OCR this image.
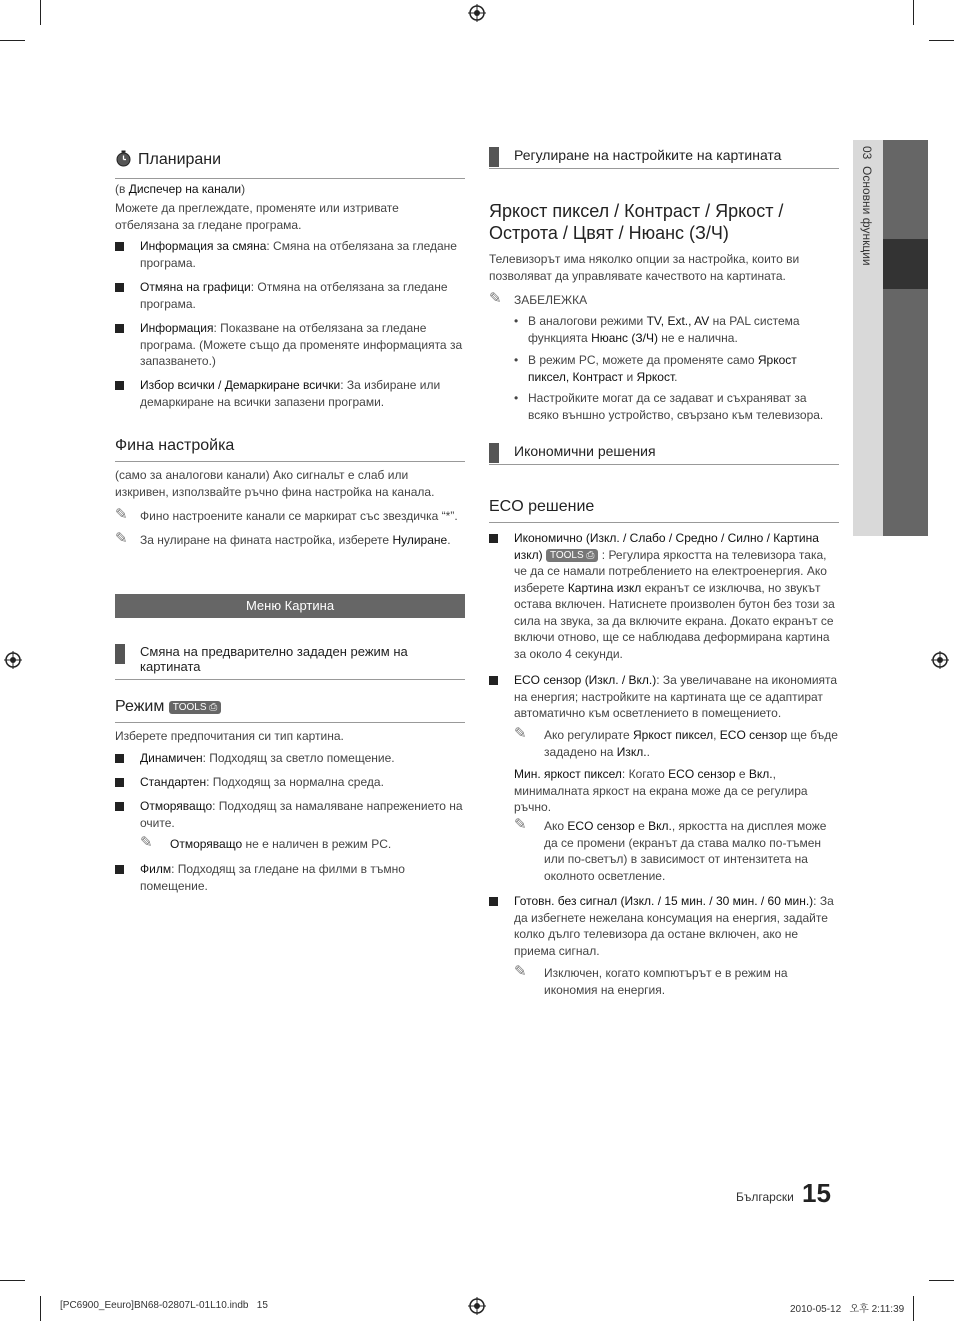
Планирани
(в Диспечер на канали)
Можете да преглеждате, променяте или изтривате отбелязана за гледане програма.
Информация за смяна: Смяна на отбелязана за гледане програма.
Отмяна на графици: Отмяна на отбелязана за гледане програма.
Информация: Показване на отбелязана за гледане програма. (Можете също да променяте информацията за запазването.)
Избор всички / Демаркиране всички: За избиране или демаркиране на всички запазени програми.
Фина настройка
(само за аналогови канали) Ако сигнальт е слаб или изкривен, използвайте ръчно фина настройка на канала.
✎ Фино настроените канали се маркират със звездичка “*”.
✎ За нулиране на фината настройка, изберете Нулиране.
Меню Картина
Смяна на предварително зададен режим на картината
Режим TOOLS ⎙
Изберете предпочитания си тип картина.
Динамичен: Подходящ за светло помещение.
Стандартен: Подходящ за нормална среда.
Отморяващо: Подходящ за намаляване напрежението на очите.
✎ Отморяващо не е наличен в режим PC.
Филм: Подходящ за гледане на филми в тъмно помещение.
Регулиране на настройките на картината
Яркост пиксел / Контраст / Яркост / Острота / Цвят / Нюанс (З/Ч)
Телевизорът има няколко опции за настройка, които ви позволяват да управлявате качеството на картината.
✎ ЗАБЕЛЕЖКА
• В аналогови режими TV, Ext., AV на PAL система функцията Нюанс (З/Ч) не е налична.
• В режим PC, можете да променяте само Яркост пиксел, Контраст и Яркост.
• Настройките могат да се задават и съхраняват за всяко външно устройство, свързано към телевизора.
Икономични решения
ECO решение
Икономично (Изкл. / Слабо / Средно / Силно / Картина изкл) TOOLS ⎙ : Регулира яркостта на телевизора така, че да се намали потреблението на електроенергия. Ако изберете Картина изкл екранът се изключва, но звукът остава включен. Натиснете произволен бутон без този за сила на звука, за да включите екрана. Докато екранът се включи отново, ще се наблюдава деформирана картина за около 4 секунди.
ECO сензор (Изкл. / Вкл.): За увеличаване на икономията на енергия; настройките на картината ще се адаптират автоматично към осветлението в помещението.
✎ Ако регулирате Яркост пиксел, ECO сензор ще бъде зададено на Изкл..
Мин. яркост пиксел: Когато ECO сензор е Вкл., минималната яркост на екрана може да се регулира ръчно.
✎ Ако ECO сензор е Вкл., яркостта на дисплея може да се промени (екранът да става малко по-тъмен или по-светъл) в зависимост от интензитета на околното осветление.
Готовн. без сигнал (Изкл. / 15 мин. / 30 мин. / 60 мин.): За да избегнете нежелана консумация на енергия, задайте колко дълго телевизора да остане включен, ако не приема сигнал.
✎ Изключен, когато компютърът е в режим на икономия на енергия.
03  Основни функции
Български 15
[PC6900_Eeuro]BN68-02807L-01L10.indb   15	2010-05-12   오후 2:11:39
